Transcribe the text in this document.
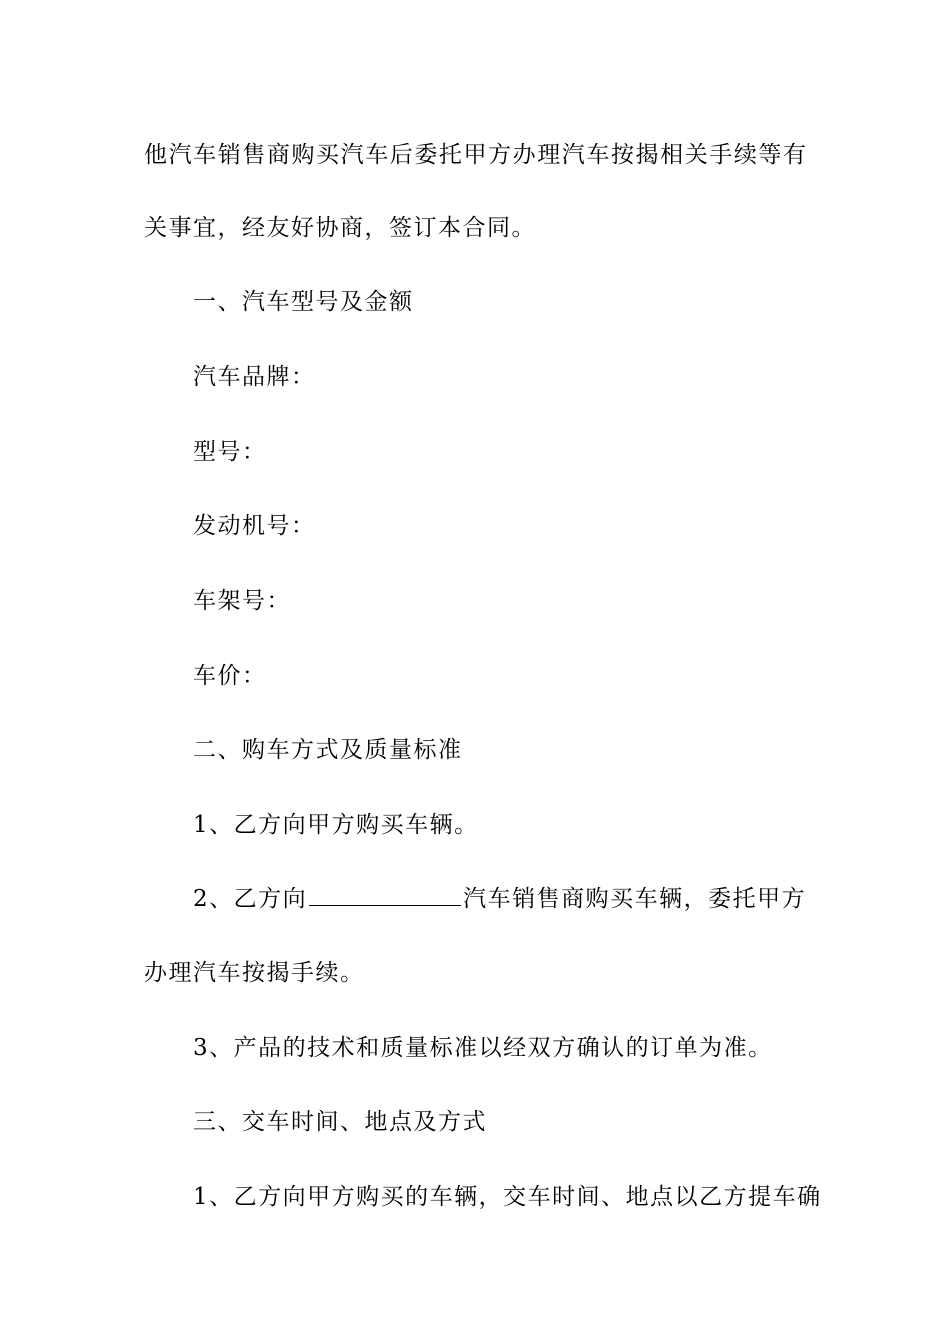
他汽车销售商购买汽车后委托甲方办理汽车按揭相关手续等有
关事宜，经友好协商，签订本合同。
一、汽车型号及金额
汽车品牌：
型号：
发动机号：
车架号：
车价：
二、购车方式及质量标准
1、乙方向甲方购买车辆。
2、乙方向	汽车销售商购买车辆，委托甲方
办理汽车按揭手续。
3、产品的技术和质量标准以经双方确认的订单为准。
三、交车时间、地点及方式
1、乙方向甲方购买的车辆，交车时间、地点以乙方提车确
